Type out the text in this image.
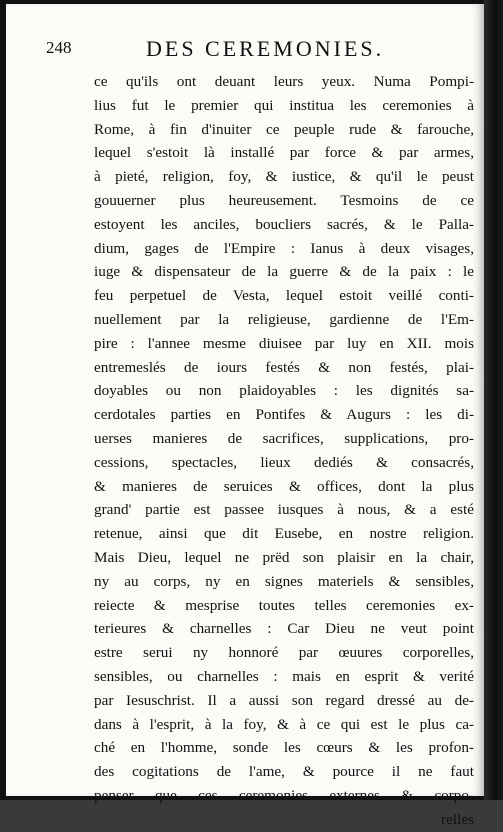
248	DES CEREMONIES.
ce qu'ils ont deuant leurs yeux. Numa Pompi-
lius fut le premier qui institua les ceremonies à
Rome, à fin d'inuiter ce peuple rude & farouche,
lequel s'estoit là installé par force & par armes,
à pieté, religion, foy, & iustice, & qu'il le peust
gouuerner plus heureusement. Tesmoins de ce
estoyent les anciles, boucliers sacrés, & le Palla-
dium, gages de l'Empire : Ianus à deux visages,
iuge & dispensateur de la guerre & de la paix : le
feu perpetuel de Vesta, lequel estoit veillé conti-
nuellement par la religieuse, gardienne de l'Em-
pire : l'annee mesme diuisee par luy en XII. mois
entremeslés de iours festés & non festés, plai-
doyables ou non plaidoyables : les dignités sa-
cerdotales parties en Pontifes & Augurs : les di-
uerses manieres de sacrifices, supplications, pro-
cessions, spectacles, lieux dediés & consacrés,
& manieres de seruices & offices, dont la plus
grand' partie est passee iusques à nous, & a esté
retenue, ainsi que dit Eusebe, en nostre religion.
Mais Dieu, lequel ne prëd son plaisir en la chair,
ny au corps, ny en signes materiels & sensibles,
reiecte & mesprise toutes telles ceremonies ex-
terieures & charnelles : Car Dieu ne veut point
estre serui ny honnoré par œuures corporelles,
sensibles, ou charnelles : mais en esprit & verité
par Iesuschrist. Il a aussi son regard dressé au de-
dans à l'esprit, à la foy, & à ce qui est le plus ca-
ché en l'homme, sonde les cœurs & les profon-
des cogitations de l'ame, & pource il ne faut
penser que ces ceremonies externes & corpo-
relles
